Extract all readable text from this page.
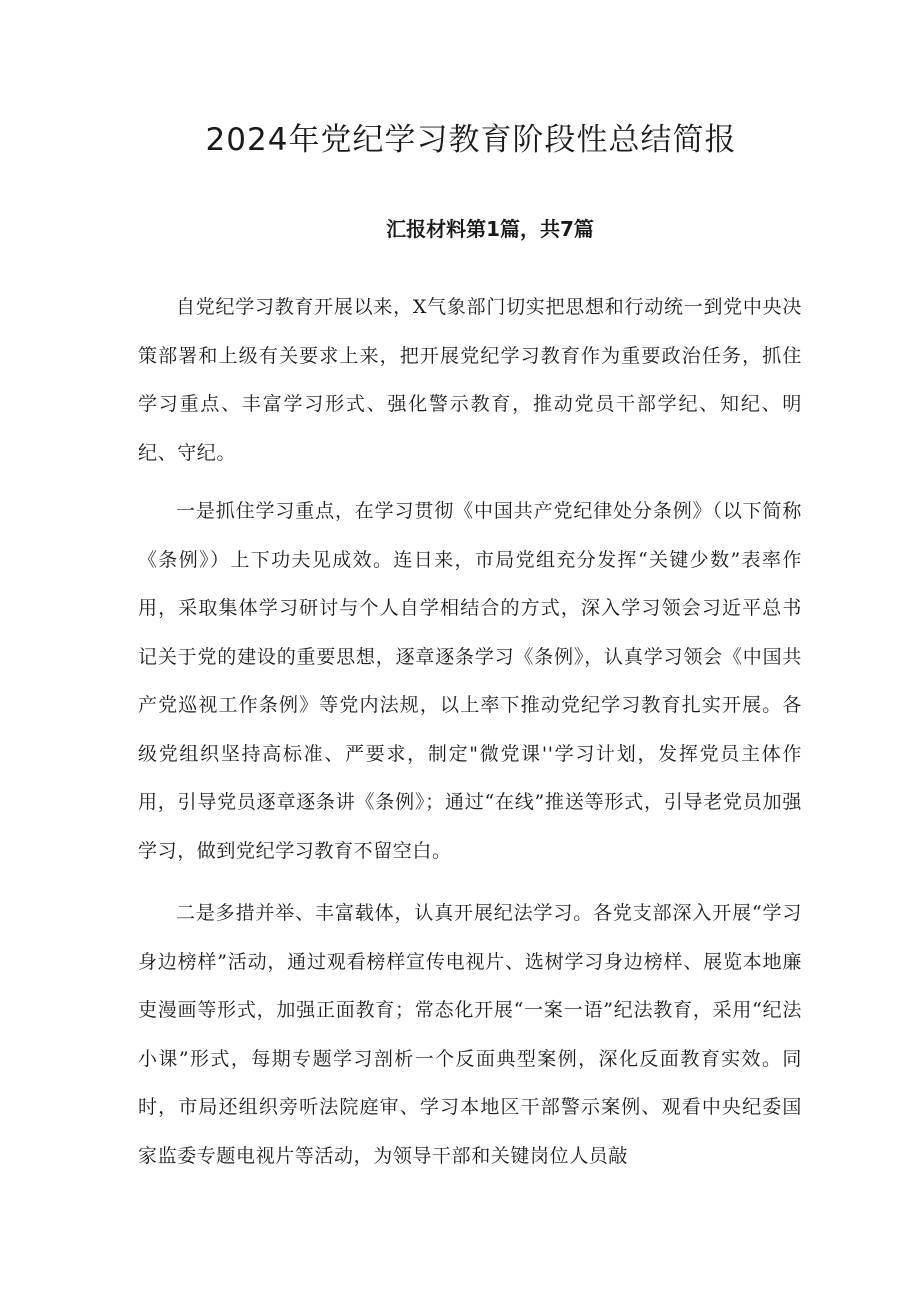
2024年党纪学习教育阶段性总结简报
汇报材料第1篇，共7篇

自党纪学习教育开展以来，X气象部门切实把思想和行动统一到党中央决策部署和上级有关要求上来，把开展党纪学习教育作为重要政治任务，抓住学习重点、丰富学习形式、强化警示教育，推动党员干部学纪、知纪、明纪、守纪。

一是抓住学习重点，在学习贯彻《中国共产党纪律处分条例》（以下简称《条例》）上下功夫见成效。连日来，市局党组充分发挥“关键少数”表率作用，采取集体学习研讨与个人自学相结合的方式，深入学习领会习近平总书记关于党的建设的重要思想，逐章逐条学习《条例》，认真学习领会《中国共产党巡视工作条例》等党内法规，以上率下推动党纪学习教育扎实开展。各级党组织坚持高标准、严要求，制定"微党课''学习计划，发挥党员主体作用，引导党员逐章逐条讲《条例》；通过“在线”推送等形式，引导老党员加强学习，做到党纪学习教育不留空白。

二是多措并举、丰富载体，认真开展纪法学习。各党支部深入开展“学习身边榜样”活动，通过观看榜样宣传电视片、选树学习身边榜样、展览本地廉吏漫画等形式，加强正面教育；常态化开展“一案一语”纪法教育，采用“纪法小课”形式，每期专题学习剖析一个反面典型案例，深化反面教育实效。同时，市局还组织旁听法院庭审、学习本地区干部警示案例、观看中央纪委国家监委专题电视片等活动，为领导干部和关键岗位人员敲
